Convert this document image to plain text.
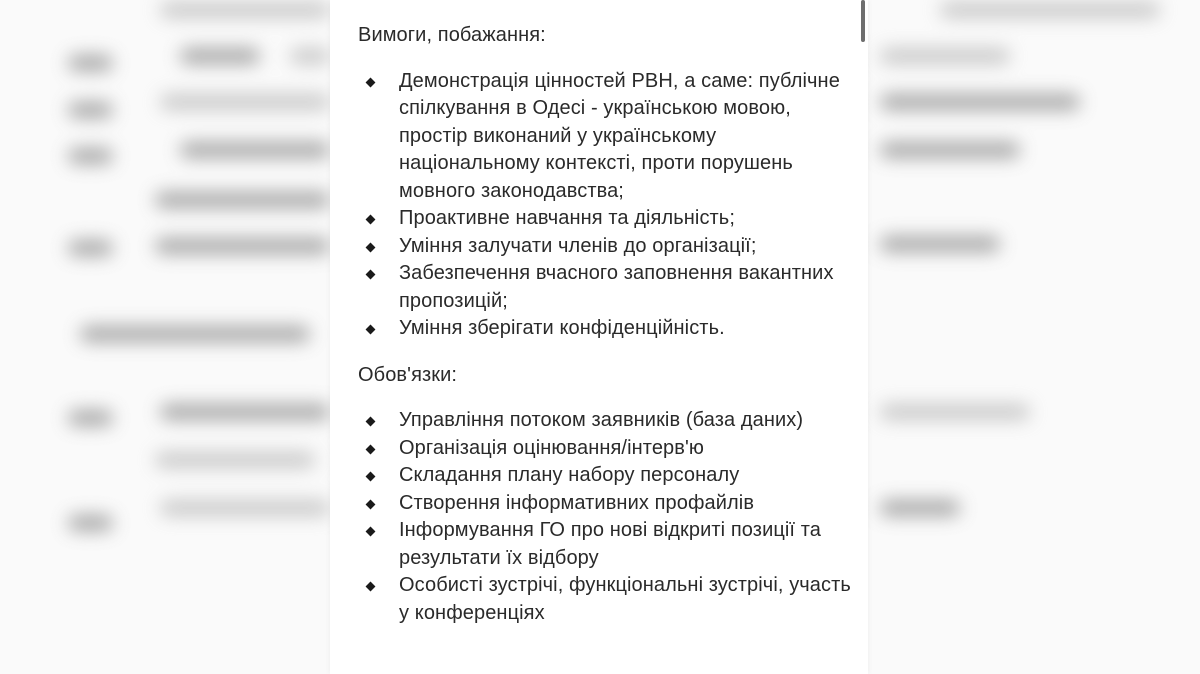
Вимоги, побажання:
Демонстрація цінностей РВН, а саме: публічне спілкування в Одесі - українською мовою, простір виконаний у українському національному контексті, проти порушень мовного законодавства;
Проактивне навчання та діяльність;
Уміння залучати членів до організації;
Забезпечення вчасного заповнення вакантних пропозицій;
Уміння зберігати конфіденційність.
Обов'язки:
Управління потоком заявників (база даних)
Організація оцінювання/інтерв'ю
Складання плану набору персоналу
Створення інформативних профайлів
Інформування ГО про нові відкриті позиції та результати їх відбору
Особисті зустрічі, функціональні зустрічі, участь у конференціях
